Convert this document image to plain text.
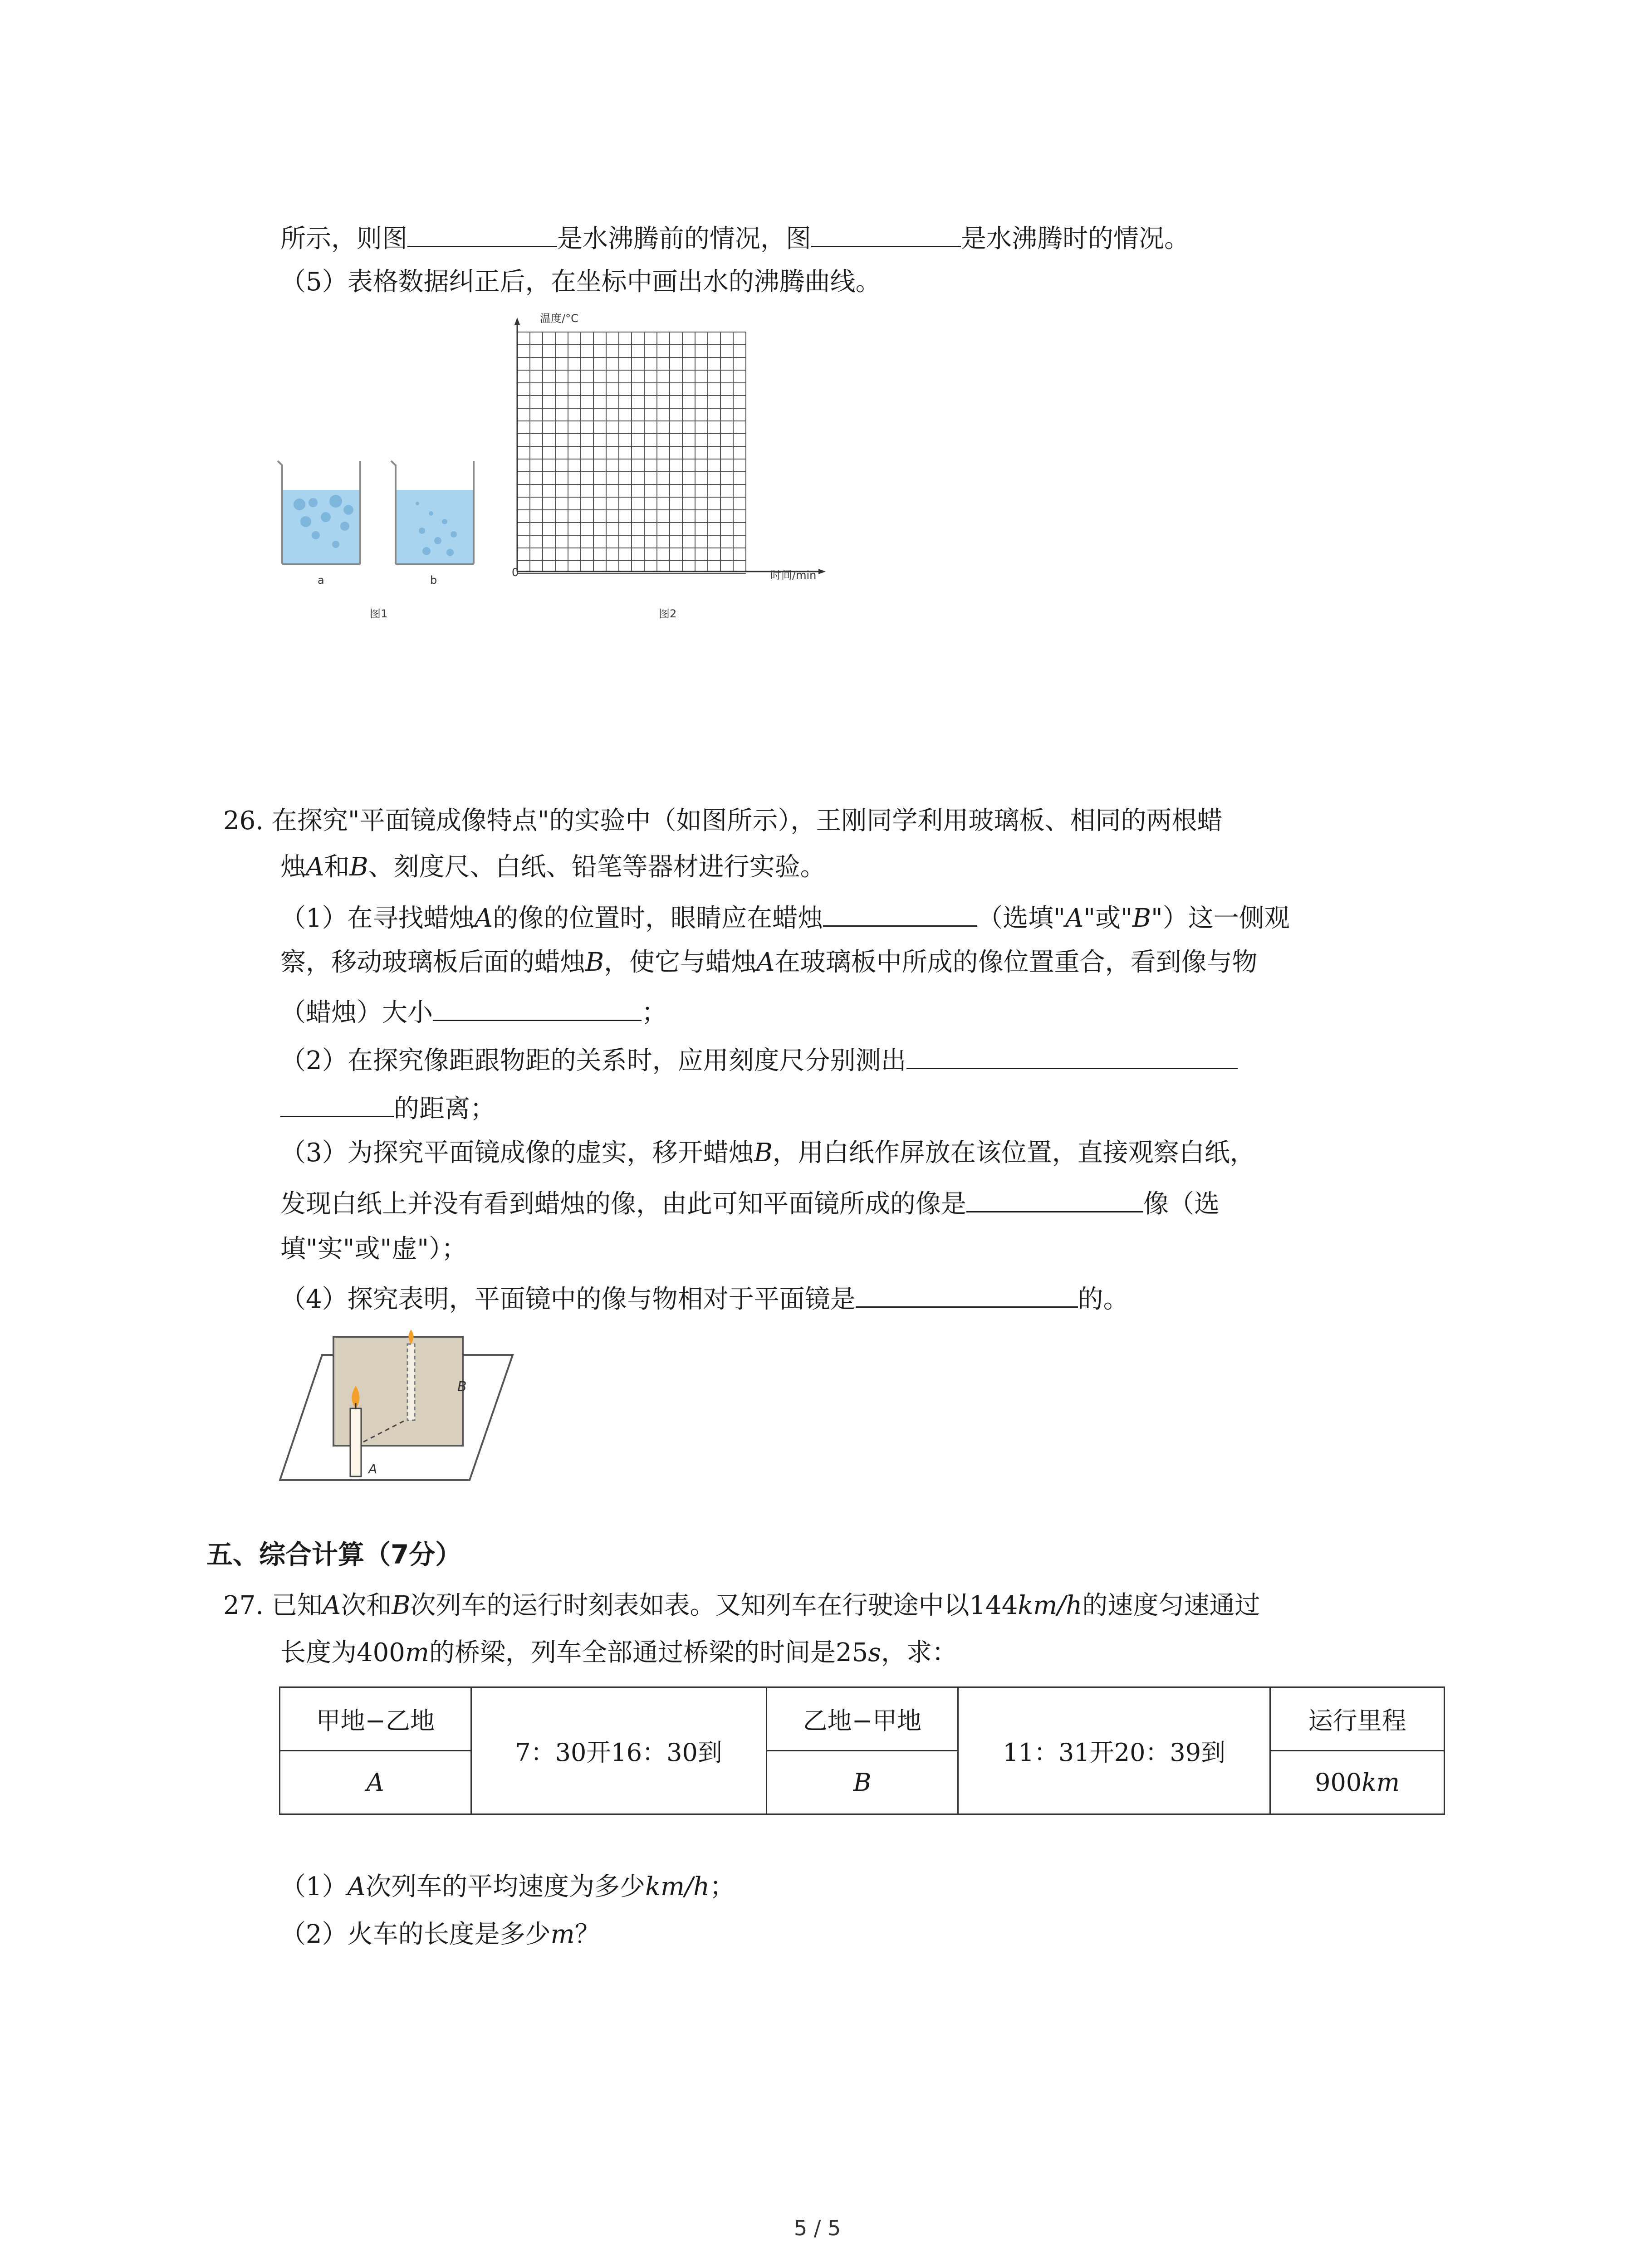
所示，则图	是水沸腾前的情况，图	是水沸腾时的情况。
（5）表格数据纠正后，在坐标中画出水的沸腾曲线。
a	b
图1
温度/°C
0	时间/min
图2
26. 在探究"平面镜成像特点"的实验中（如图所示），王刚同学利用玻璃板、相同的两根蜡
烛A和B、刻度尺、白纸、铅笔等器材进行实验。
（1）在寻找蜡烛A的像的位置时，眼睛应在蜡烛	（选填"A"或"B"）这一侧观
察，移动玻璃板后面的蜡烛B，使它与蜡烛A在玻璃板中所成的像位置重合，看到像与物
（蜡烛）大小	；
（2）在探究像距跟物距的关系时，应用刻度尺分别测出
的距离；
（3）为探究平面镜成像的虚实，移开蜡烛B，用白纸作屏放在该位置，直接观察白纸，
发现白纸上并没有看到蜡烛的像，由此可知平面镜所成的像是	像（选
填"实"或"虚"）；
（4）探究表明，平面镜中的像与物相对于平面镜是	的。
B
A
五、综合计算（7分）
27. 已知A次和B次列车的运行时刻表如表。又知列车在行驶途中以144km/h的速度匀速通过
长度为400m的桥梁，列车全部通过桥梁的时间是25s，求：
甲地−乙地	7：30开16：30到	乙地−甲地	11：31开20：39到	运行里程
A		B		900km
（1）A次列车的平均速度为多少km/h；
（2）火车的长度是多少m？
5 / 5
